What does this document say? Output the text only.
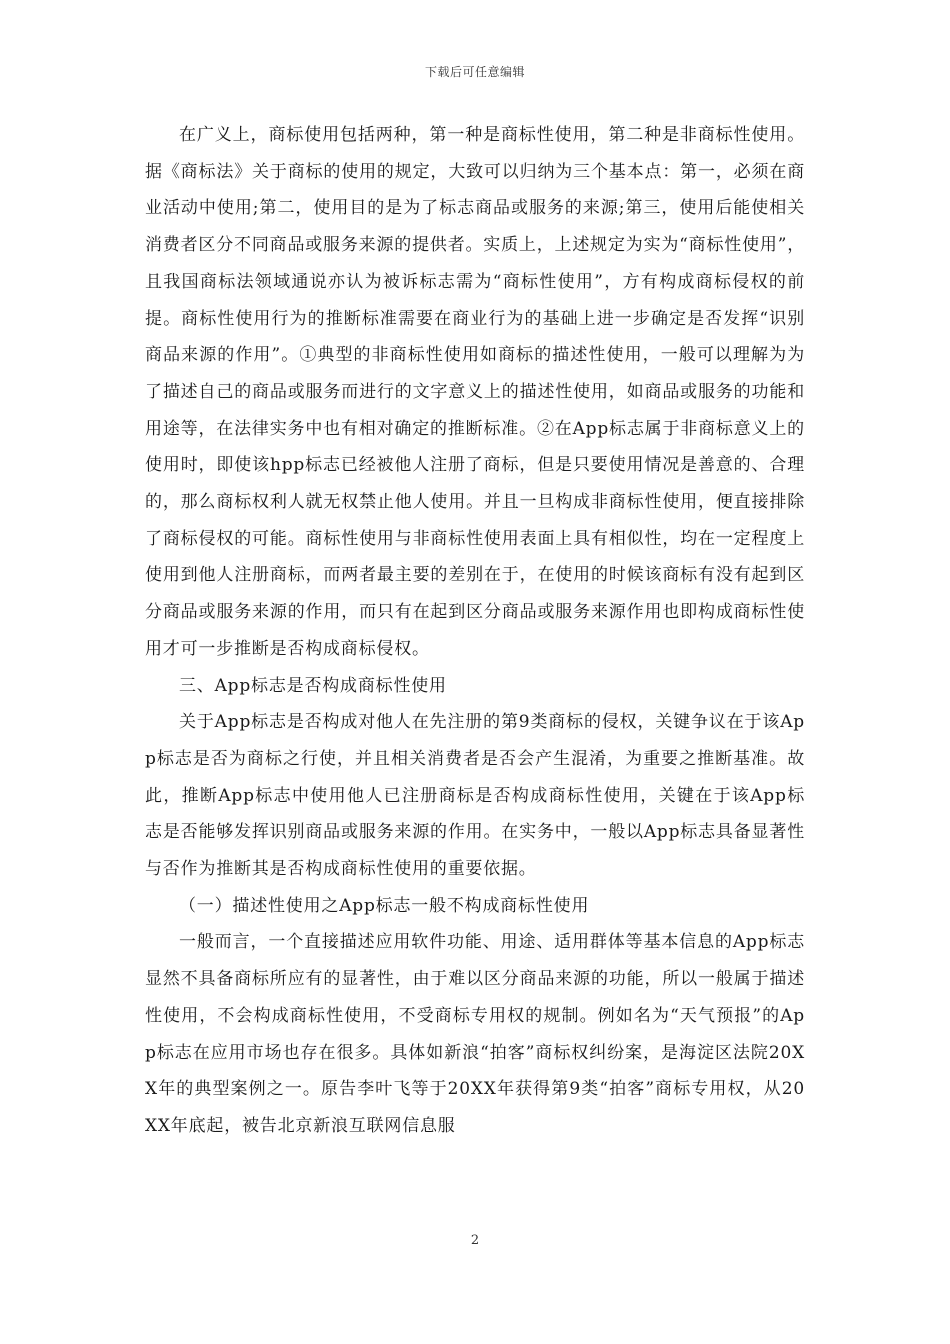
下载后可任意编辑

在广义上，商标使用包括两种，第一种是商标性使用，第二种是非商标性使用。据《商标法》关于商标的使用的规定，大致可以归纳为三个基本点：第一，必须在商业活动中使用;第二，使用目的是为了标志商品或服务的来源;第三，使用后能使相关消费者区分不同商品或服务来源的提供者。实质上，上述规定为实为“商标性使用”，且我国商标法领域通说亦认为被诉标志需为“商标性使用”，方有构成商标侵权的前提。商标性使用行为的推断标准需要在商业行为的基础上进一步确定是否发挥“识别商品来源的作用”。①典型的非商标性使用如商标的描述性使用，一般可以理解为为了描述自己的商品或服务而进行的文字意义上的描述性使用，如商品或服务的功能和用途等，在法律实务中也有相对确定的推断标准。②在App标志属于非商标意义上的使用时，即使该hpp标志已经被他人注册了商标，但是只要使用情况是善意的、合理的，那么商标权利人就无权禁止他人使用。并且一旦构成非商标性使用，便直接排除了商标侵权的可能。商标性使用与非商标性使用表面上具有相似性，均在一定程度上使用到他人注册商标，而两者最主要的差别在于，在使用的时候该商标有没有起到区分商品或服务来源的作用，而只有在起到区分商品或服务来源作用也即构成商标性使用才可一步推断是否构成商标侵权。

三、App标志是否构成商标性使用

关于App标志是否构成对他人在先注册的第9类商标的侵权，关键争议在于该App标志是否为商标之行使，并且相关消费者是否会产生混淆，为重要之推断基准。故此，推断App标志中使用他人已注册商标是否构成商标性使用，关键在于该App标志是否能够发挥识别商品或服务来源的作用。在实务中，一般以App标志具备显著性与否作为推断其是否构成商标性使用的重要依据。

（一）描述性使用之App标志一般不构成商标性使用

一般而言，一个直接描述应用软件功能、用途、适用群体等基本信息的App标志显然不具备商标所应有的显著性，由于难以区分商品来源的功能，所以一般属于描述性使用，不会构成商标性使用，不受商标专用权的规制。例如名为“天气预报”的App标志在应用市场也存在很多。具体如新浪“拍客”商标权纠纷案，是海淀区法院20XX年的典型案例之一。原告李叶飞等于20XX年获得第9类“拍客”商标专用权，从20XX年底起，被告北京新浪互联网信息服

2
